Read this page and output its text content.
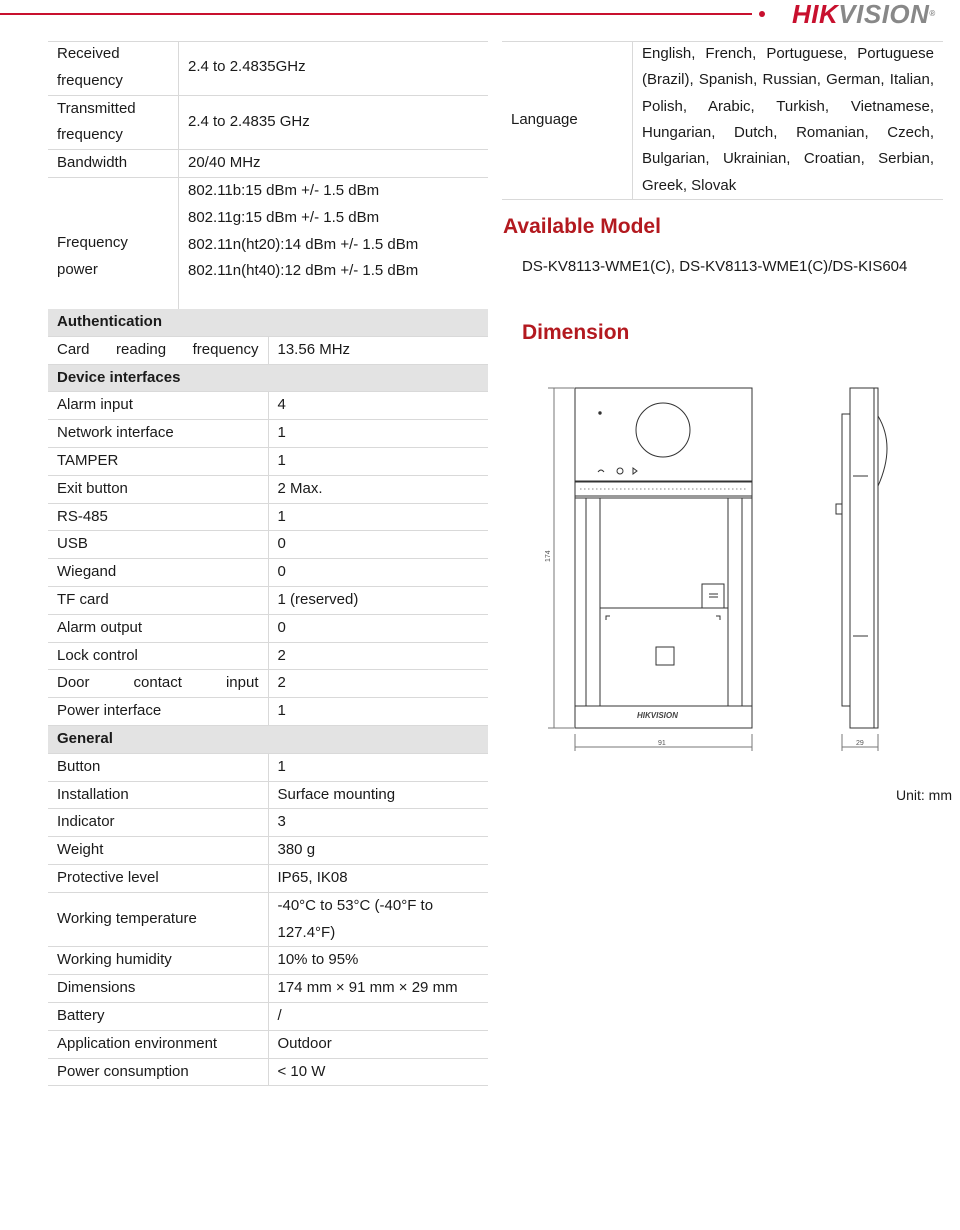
HIKVISION®
Received frequency	2.4 to 2.4835GHz
Transmitted frequency	2.4 to 2.4835 GHz
Bandwidth	20/40 MHz
Frequency power	802.11b:15 dBm +/- 1.5 dBm
802.11g:15 dBm +/- 1.5 dBm
802.11n(ht20):14 dBm +/- 1.5 dBm
802.11n(ht40):12 dBm +/- 1.5 dBm
Authentication	
Card reading frequency	13.56 MHz
Device interfaces	
Alarm input	4
Network interface	1
TAMPER	1
Exit button	2 Max.
RS-485	1
USB	0
Wiegand	0
TF card	1 (reserved)
Alarm output	0
Lock control	2
Door contact input	2
Power interface	1
General	
Button	1
Installation	Surface mounting
Indicator	3
Weight	380 g
Protective level	IP65, IK08
Working temperature	-40°C to 53°C (-40°F to 127.4°F)
Working humidity	10% to 95%
Dimensions	174 mm × 91 mm × 29 mm
Battery	/
Application environment	Outdoor
Power consumption	< 10 W
Language	English, French, Portuguese, Portuguese (Brazil), Spanish, Russian, German, Italian, Polish, Arabic, Turkish, Vietnamese, Hungarian, Dutch, Romanian, Czech, Bulgarian, Ukrainian, Croatian, Serbian, Greek, Slovak
Available Model
DS-KV8113-WME1(C), DS-KV8113-WME1(C)/DS-KIS604
Dimension
174
91	29
HIKVISION
Unit: mm
